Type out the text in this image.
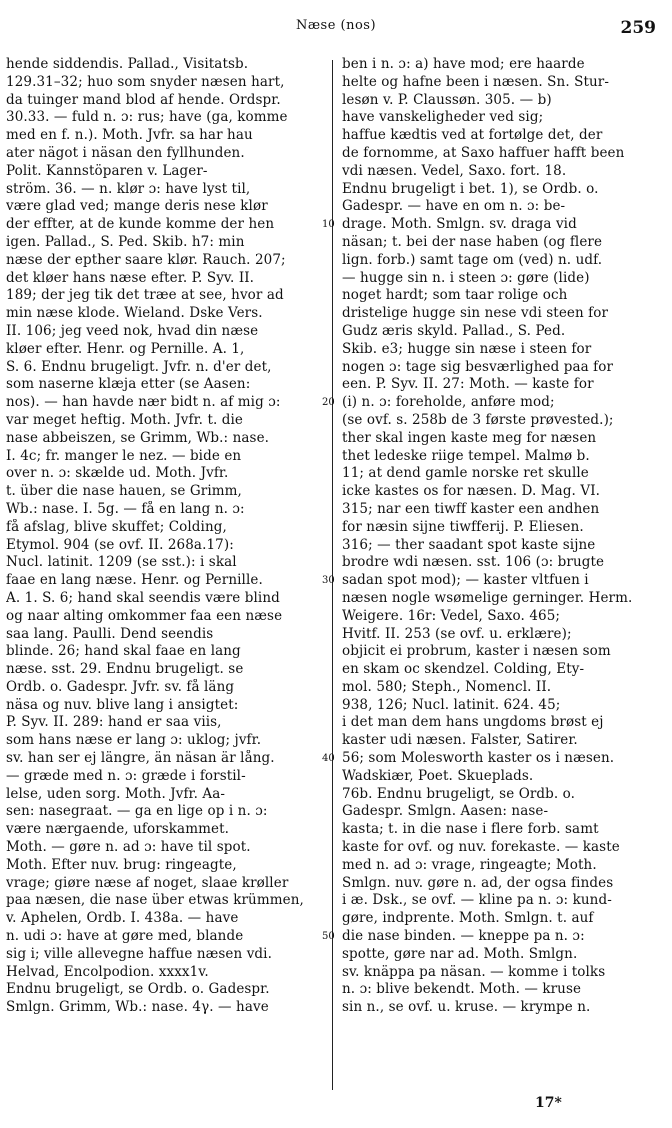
Næse (nos)	259
hende siddendis. Pallad., Visitatsb.
129.31–32; huo som snyder næsen hart,
da tuinger mand blod af hende. Ordspr.
30.33. — fuld n. ɔ: rus; have (ga, komme
med en f. n.). Moth. Jvfr. sa har hau
ater nägot i näsan den fyllhunden.
Polit. Kannstöparen v. Lager-
ström. 36. — n. klør ɔ: have lyst til,
være glad ved; mange deris nese klør
der effter, at de kunde komme der hen
igen. Pallad., S. Ped. Skib. h7: min
næse der epther saare klør. Rauch. 207;
det kløer hans næse efter. P. Syv. II.
189; der jeg tik det træe at see, hvor ad
min næse klode. Wieland. Dske Vers.
II. 106; jeg veed nok, hvad din næse
kløer efter. Henr. og Pernille. A. 1,
S. 6. Endnu brugeligt. Jvfr. n. d'er det,
som naserne klæja etter (se Aasen:
nos). — han havde nær bidt n. af mig ɔ:
var meget heftig. Moth. Jvfr. t. die
nase abbeiszen, se Grimm, Wb.: nase.
I. 4c; fr. manger le nez. — bide en
over n. ɔ: skælde ud. Moth. Jvfr.
t. über die nase hauen, se Grimm,
Wb.: nase. I. 5g. — få en lang n. ɔ:
få afslag, blive skuffet; Colding,
Etymol. 904 (se ovf. II. 268a.17):
Nucl. latinit. 1209 (se sst.): i skal
faae en lang næse. Henr. og Pernille.
A. 1. S. 6; hand skal seendis være blind
og naar alting omkommer faa een næse
saa lang. Paulli. Dend seendis
blinde. 26; hand skal faae en lang
næse. sst. 29. Endnu brugeligt. se
Ordb. o. Gadespr. Jvfr. sv. få läng
näsa og nuv. blive lang i ansigtet:
P. Syv. II. 289: hand er saa viis,
som hans næse er lang ɔ: uklog; jvfr.
sv. han ser ej längre, än näsan är lång.
— græde med n. ɔ: græde i forstil-
lelse, uden sorg. Moth. Jvfr. Aa-
sen: nasegraat. — ga en lige op i n. ɔ:
være nærgaende, uforskammet.
Moth. — gøre n. ad ɔ: have til spot.
Moth. Efter nuv. brug: ringeagte,
vrage; giøre næse af noget, slaae krøller
paa næsen, die nase über etwas krümmen,
v. Aphelen, Ordb. I. 438a. — have
n. udi ɔ: have at gøre med, blande
sig i; ville allevegne haffue næsen vdi.
Helvad, Encolpodion. xxxx1v.
Endnu brugeligt, se Ordb. o. Gadespr.
Smlgn. Grimm, Wb.: nase. 4γ. — have
10
20
30
40
50
ben i n. ɔ: a) have mod; ere haarde
helte og hafne been i næsen. Sn. Stur-
lesøn v. P. Claussøn. 305. — b)
have vanskeligheder ved sig;
haffue kædtis ved at fortølge det, der
de fornomme, at Saxo haffuer hafft been
vdi næsen. Vedel, Saxo. fort. 18.
Endnu brugeligt i bet. 1), se Ordb. o.
Gadespr. — have en om n. ɔ: be-
drage. Moth. Smlgn. sv. draga vid
näsan; t. bei der nase haben (og flere
lign. forb.) samt tage om (ved) n. udf.
— hugge sin n. i steen ɔ: gøre (lide)
noget hardt; som taar rolige och
dristelige hugge sin nese vdi steen for
Gudz æris skyld. Pallad., S. Ped.
Skib. e3; hugge sin næse i steen for
nogen ɔ: tage sig besværlighed paa for
een. P. Syv. II. 27: Moth. — kaste for
(i) n. ɔ: foreholde, anføre mod;
(se ovf. s. 258b de 3 første prøvested.);
ther skal ingen kaste meg for næsen
thet ledeske riige tempel. Malmø b.
11; at dend gamle norske ret skulle
icke kastes os for næsen. D. Mag. VI.
315; nar een tiwff kaster een andhen
for næsin sijne tiwfferij. P. Eliesen.
316; — ther saadant spot kaste sijne
brodre wdi næsen. sst. 106 (ɔ: brugte
sadan spot mod); — kaster vltfuen i
næsen nogle wsømelige gerninger. Herm.
Weigere. 16r: Vedel, Saxo. 465;
Hvitf. II. 253 (se ovf. u. erklære);
objicit ei probrum, kaster i næsen som
en skam oc skendzel. Colding, Ety-
mol. 580; Steph., Nomencl. II.
938, 126; Nucl. latinit. 624. 45;
i det man dem hans ungdoms brøst ej
kaster udi næsen. Falster, Satirer.
56; som Molesworth kaster os i næsen.
Wadskiær, Poet. Skueplads.
76b. Endnu brugeligt, se Ordb. o.
Gadespr. Smlgn. Aasen: nase-
kasta; t. in die nase i flere forb. samt
kaste for ovf. og nuv. forekaste. — kaste
med n. ad ɔ: vrage, ringeagte; Moth.
Smlgn. nuv. gøre n. ad, der ogsa findes
i æ. Dsk., se ovf. — kline pa n. ɔ: kund-
gøre, indprente. Moth. Smlgn. t. auf
die nase binden. — kneppe pa n. ɔ:
spotte, gøre nar ad. Moth. Smlgn.
sv. knäppa pa näsan. — komme i tolks
n. ɔ: blive bekendt. Moth. — kruse
sin n., se ovf. u. kruse. — krympe n.
17*
